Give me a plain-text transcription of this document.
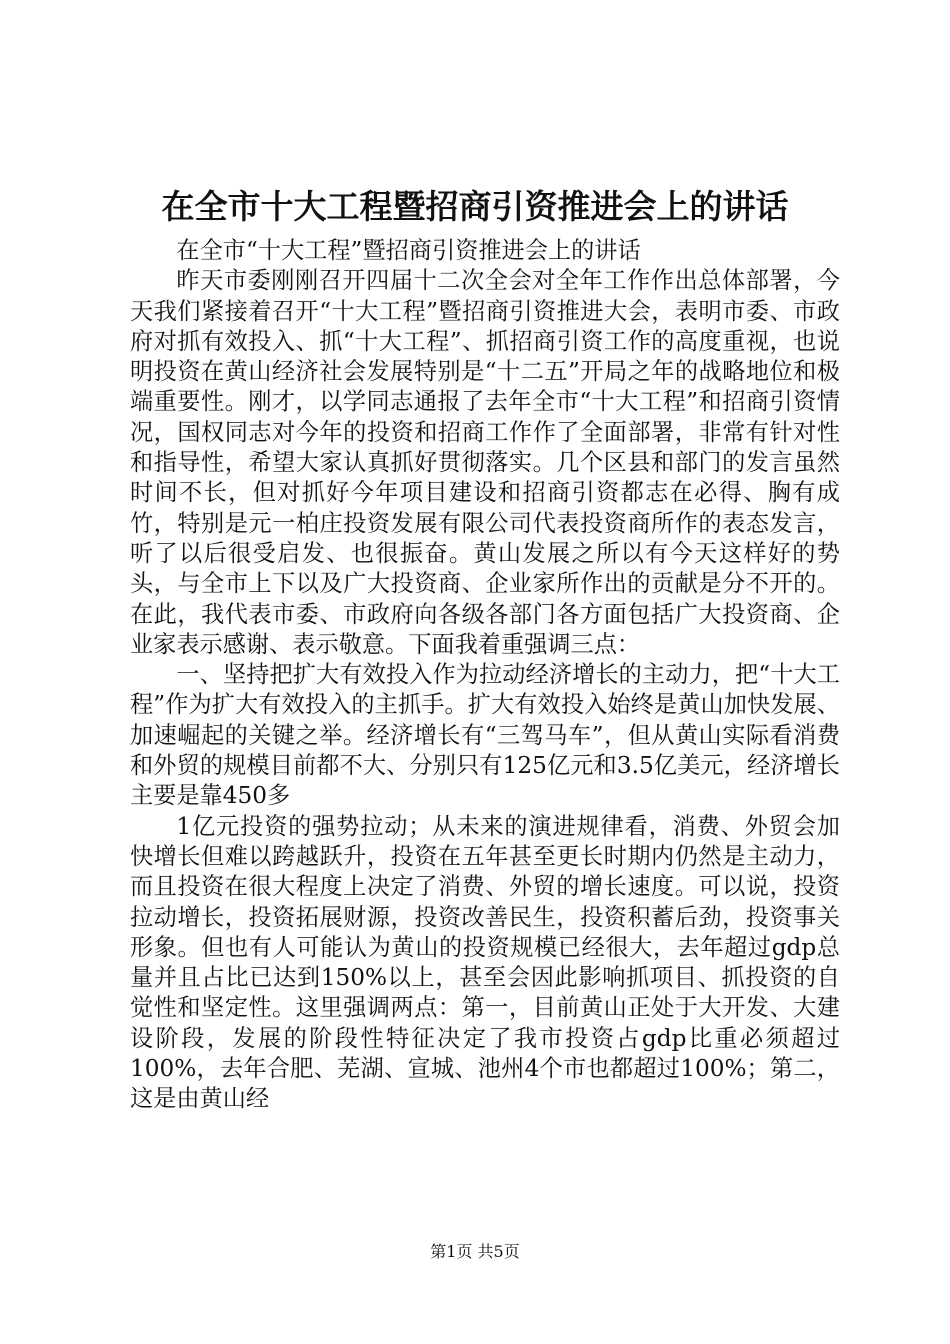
在全市十大工程暨招商引资推进会上的讲话

在全市“十大工程”暨招商引资推进会上的讲话

昨天市委刚刚召开四届十二次全会对全年工作作出总体部署，今天我们紧接着召开“十大工程”暨招商引资推进大会，表明市委、市政府对抓有效投入、抓“十大工程”、抓招商引资工作的高度重视，也说明投资在黄山经济社会发展特别是“十二五”开局之年的战略地位和极端重要性。刚才，以学同志通报了去年全市“十大工程”和招商引资情况，国权同志对今年的投资和招商工作作了全面部署，非常有针对性和指导性，希望大家认真抓好贯彻落实。几个区县和部门的发言虽然时间不长，但对抓好今年项目建设和招商引资都志在必得、胸有成竹，特别是元一柏庄投资发展有限公司代表投资商所作的表态发言，听了以后很受启发、也很振奋。黄山发展之所以有今天这样好的势头，与全市上下以及广大投资商、企业家所作出的贡献是分不开的。在此，我代表市委、市政府向各级各部门各方面包括广大投资商、企业家表示感谢、表示敬意。下面我着重强调三点：

一、坚持把扩大有效投入作为拉动经济增长的主动力，把“十大工程”作为扩大有效投入的主抓手。扩大有效投入始终是黄山加快发展、加速崛起的关键之举。经济增长有“三驾马车”，但从黄山实际看消费和外贸的规模目前都不大、分别只有125亿元和3.5亿美元，经济增长主要是靠450多

1亿元投资的强势拉动；从未来的演进规律看，消费、外贸会加快增长但难以跨越跃升，投资在五年甚至更长时期内仍然是主动力，而且投资在很大程度上决定了消费、外贸的增长速度。可以说，投资拉动增长，投资拓展财源，投资改善民生，投资积蓄后劲，投资事关形象。但也有人可能认为黄山的投资规模已经很大，去年超过gdp总量并且占比已达到150%以上，甚至会因此影响抓项目、抓投资的自觉性和坚定性。这里强调两点：第一，目前黄山正处于大开发、大建设阶段，发展的阶段性特征决定了我市投资占gdp比重必须超过100%，去年合肥、芜湖、宣城、池州4个市也都超过100%；第二，这是由黄山经

第1页 共5页
